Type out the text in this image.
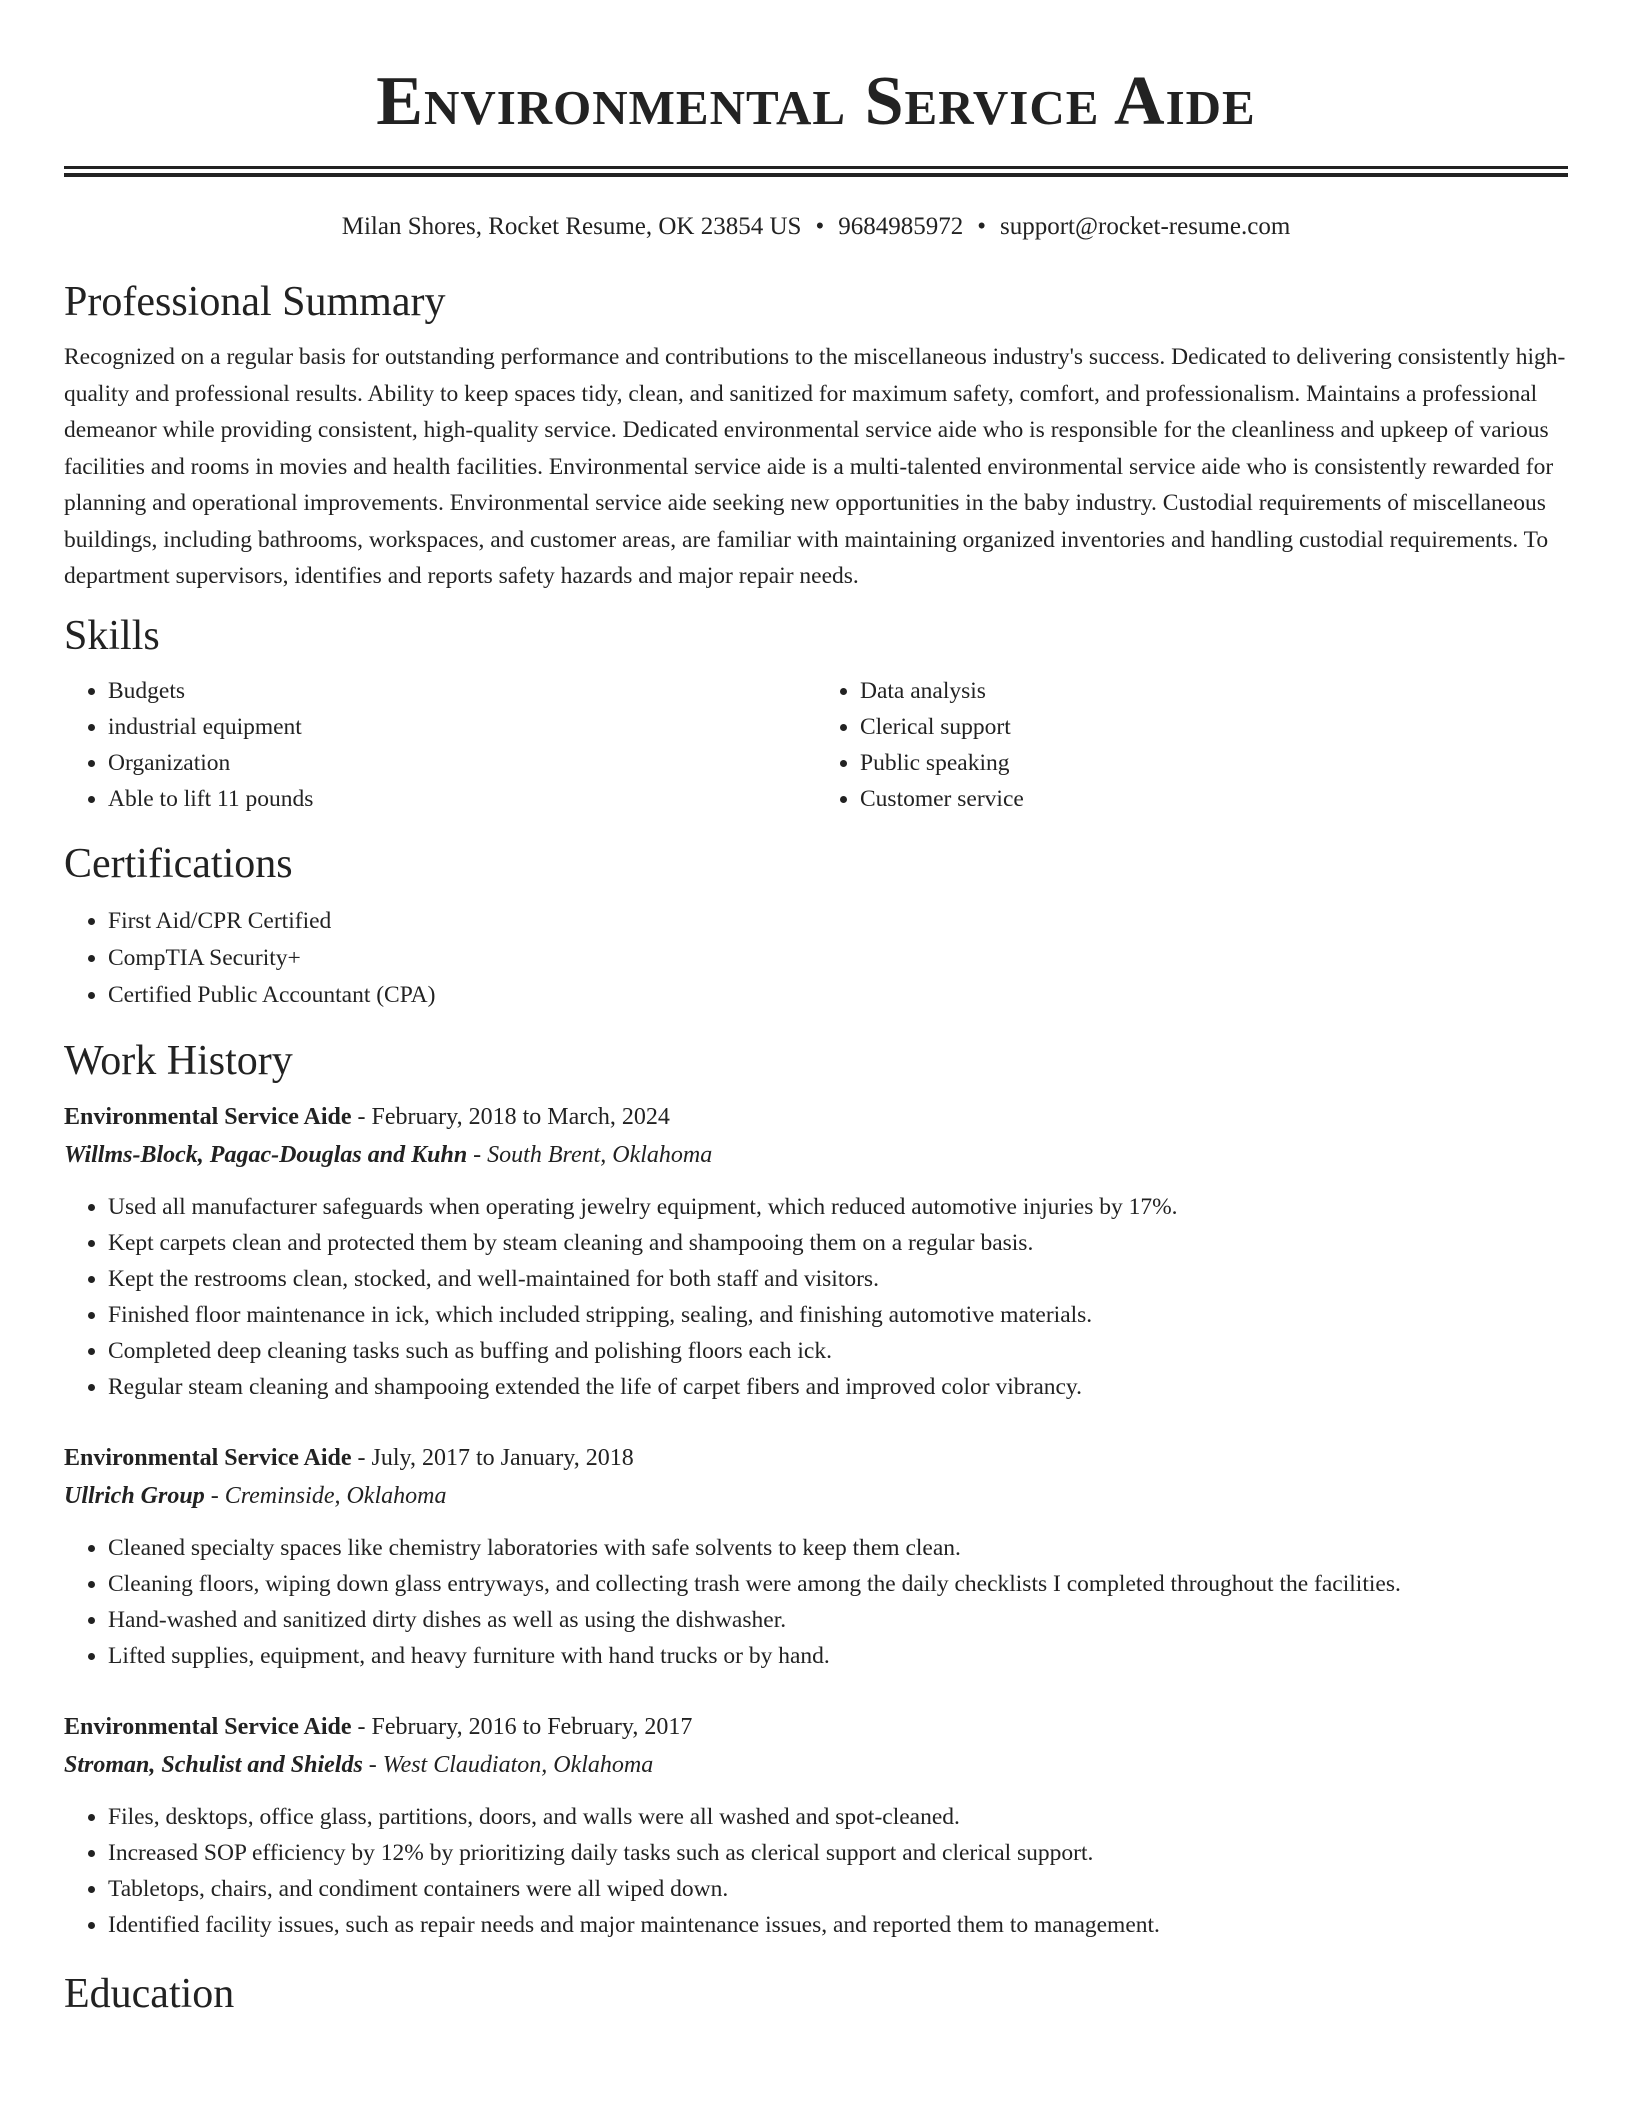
Environmental Service Aide
Milan Shores, Rocket Resume, OK 23854 US • 9684985972 • support@rocket-resume.com
Professional Summary

Recognized on a regular basis for outstanding performance and contributions to the miscellaneous industry's success. Dedicated to delivering consistently high-quality and professional results. Ability to keep spaces tidy, clean, and sanitized for maximum safety, comfort, and professionalism. Maintains a professional demeanor while providing consistent, high-quality service. Dedicated environmental service aide who is responsible for the cleanliness and upkeep of various facilities and rooms in movies and health facilities. Environmental service aide is a multi-talented environmental service aide who is consistently rewarded for planning and operational improvements. Environmental service aide seeking new opportunities in the baby industry. Custodial requirements of miscellaneous buildings, including bathrooms, workspaces, and customer areas, are familiar with maintaining organized inventories and handling custodial requirements. To department supervisors, identifies and reports safety hazards and major repair needs.

Skills
• Budgets
• industrial equipment
• Organization
• Able to lift 11 pounds
• Data analysis
• Clerical support
• Public speaking
• Customer service
Certifications
• First Aid/CPR Certified
• CompTIA Security+
• Certified Public Accountant (CPA)
Work History
Environmental Service Aide - February, 2018 to March, 2024
Willms-Block, Pagac-Douglas and Kuhn - South Brent, Oklahoma
• Used all manufacturer safeguards when operating jewelry equipment, which reduced automotive injuries by 17%.
• Kept carpets clean and protected them by steam cleaning and shampooing them on a regular basis.
• Kept the restrooms clean, stocked, and well-maintained for both staff and visitors.
• Finished floor maintenance in ick, which included stripping, sealing, and finishing automotive materials.
• Completed deep cleaning tasks such as buffing and polishing floors each ick.
• Regular steam cleaning and shampooing extended the life of carpet fibers and improved color vibrancy.
Environmental Service Aide - July, 2017 to January, 2018
Ullrich Group - Creminside, Oklahoma
• Cleaned specialty spaces like chemistry laboratories with safe solvents to keep them clean.
• Cleaning floors, wiping down glass entryways, and collecting trash were among the daily checklists I completed throughout the facilities.
• Hand-washed and sanitized dirty dishes as well as using the dishwasher.
• Lifted supplies, equipment, and heavy furniture with hand trucks or by hand.
Environmental Service Aide - February, 2016 to February, 2017
Stroman, Schulist and Shields - West Claudiaton, Oklahoma
• Files, desktops, office glass, partitions, doors, and walls were all washed and spot-cleaned.
• Increased SOP efficiency by 12% by prioritizing daily tasks such as clerical support and clerical support.
• Tabletops, chairs, and condiment containers were all wiped down.
• Identified facility issues, such as repair needs and major maintenance issues, and reported them to management.
Education
